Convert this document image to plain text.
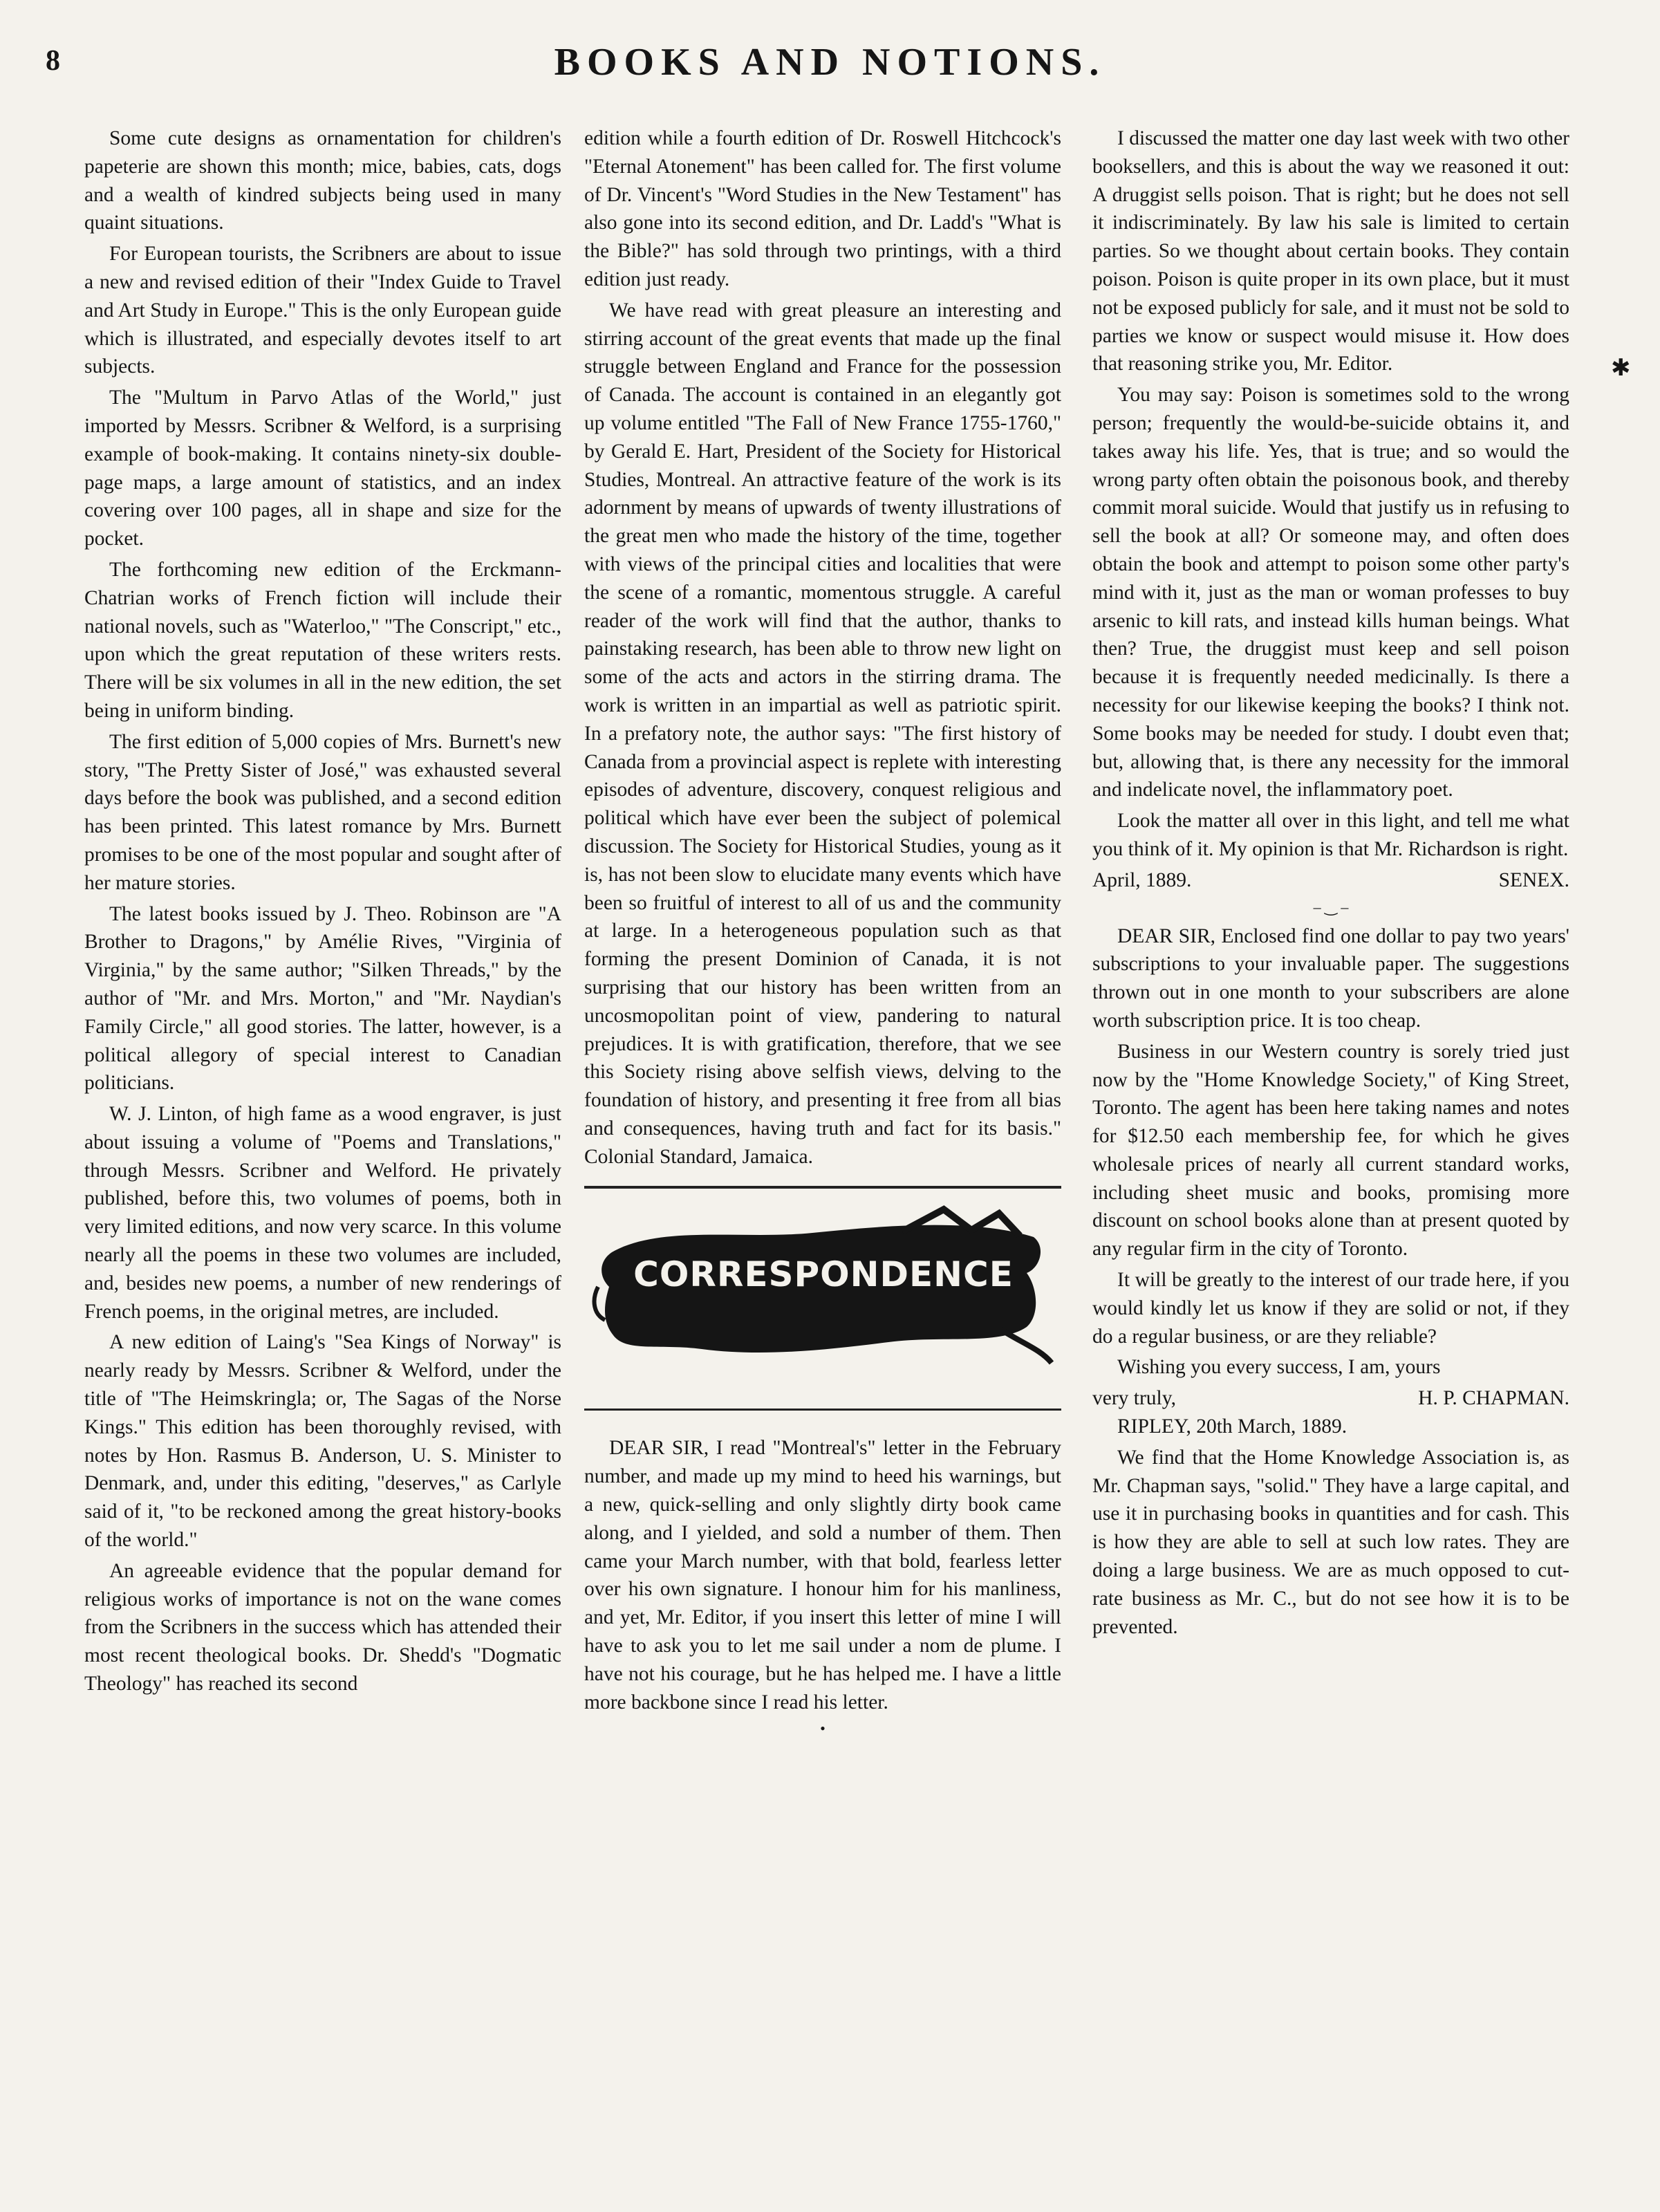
8	BOOKS AND NOTIONS.
✱

Some cute designs as ornamentation for children's papeterie are shown this month; mice, babies, cats, dogs and a wealth of kindred subjects being used in many quaint situations.

For European tourists, the Scribners are about to issue a new and revised edition of their "Index Guide to Travel and Art Study in Europe." This is the only European guide which is illustrated, and especially devotes itself to art subjects.

The "Multum in Parvo Atlas of the World," just imported by Messrs. Scribner & Welford, is a surprising example of book-making. It contains ninety-six double-page maps, a large amount of statistics, and an index covering over 100 pages, all in shape and size for the pocket.

The forthcoming new edition of the Erckmann-Chatrian works of French fiction will include their national novels, such as "Waterloo," "The Conscript," etc., upon which the great reputation of these writers rests. There will be six volumes in all in the new edition, the set being in uniform binding.

The first edition of 5,000 copies of Mrs. Burnett's new story, "The Pretty Sister of José," was exhausted several days before the book was published, and a second edition has been printed. This latest romance by Mrs. Burnett promises to be one of the most popular and sought after of her mature stories.

The latest books issued by J. Theo. Robinson are "A Brother to Dragons," by Amélie Rives, "Virginia of Virginia," by the same author; "Silken Threads," by the author of "Mr. and Mrs. Morton," and "Mr. Naydian's Family Circle," all good stories. The latter, however, is a political allegory of special interest to Canadian politicians.

W. J. Linton, of high fame as a wood engraver, is just about issuing a volume of "Poems and Translations," through Messrs. Scribner and Welford. He privately published, before this, two volumes of poems, both in very limited editions, and now very scarce. In this volume nearly all the poems in these two volumes are included, and, besides new poems, a number of new renderings of French poems, in the original metres, are included.

A new edition of Laing's "Sea Kings of Norway" is nearly ready by Messrs. Scribner & Welford, under the title of "The Heimskringla; or, The Sagas of the Norse Kings." This edition has been thoroughly revised, with notes by Hon. Rasmus B. Anderson, U. S. Minister to Denmark, and, under this editing, "deserves," as Carlyle said of it, "to be reckoned among the great history-books of the world."

An agreeable evidence that the popular demand for religious works of importance is not on the wane comes from the Scribners in the success which has attended their most recent theological books. Dr. Shedd's "Dogmatic Theology" has reached its second

edition while a fourth edition of Dr. Roswell Hitchcock's "Eternal Atonement" has been called for. The first volume of Dr. Vincent's "Word Studies in the New Testament" has also gone into its second edition, and Dr. Ladd's "What is the Bible?" has sold through two printings, with a third edition just ready.

We have read with great pleasure an interesting and stirring account of the great events that made up the final struggle between England and France for the possession of Canada. The account is contained in an elegantly got up volume entitled "The Fall of New France 1755-1760," by Gerald E. Hart, President of the Society for Historical Studies, Montreal. An attractive feature of the work is its adornment by means of upwards of twenty illustrations of the great men who made the history of the time, together with views of the principal cities and localities that were the scene of a romantic, momentous struggle. A careful reader of the work will find that the author, thanks to painstaking research, has been able to throw new light on some of the acts and actors in the stirring drama. The work is written in an impartial as well as patriotic spirit. In a prefatory note, the author says: "The first history of Canada from a provincial aspect is replete with interesting episodes of adventure, discovery, conquest religious and political which have ever been the subject of polemical discussion. The Society for Historical Studies, young as it is, has not been slow to elucidate many events which have been so fruitful of interest to all of us and the community at large. In a heterogeneous population such as that forming the present Dominion of Canada, it is not surprising that our history has been written from an uncosmopolitan point of view, pandering to natural prejudices. It is with gratification, therefore, that we see this Society rising above selfish views, delving to the foundation of history, and presenting it free from all bias and consequences, having truth and fact for its basis." Colonial Standard, Jamaica.

CORRESPONDENCE

DEAR SIR, I read "Montreal's" letter in the February number, and made up my mind to heed his warnings, but a new, quick-selling and only slightly dirty book came along, and I yielded, and sold a number of them. Then came your March number, with that bold, fearless letter over his own signature. I honour him for his manliness, and yet, Mr. Editor, if you insert this letter of mine I will have to ask you to let me sail under a nom de plume. I have not his courage, but he has helped me. I have a little more backbone since I read his letter.

•

I discussed the matter one day last week with two other booksellers, and this is about the way we reasoned it out: A druggist sells poison. That is right; but he does not sell it indiscriminately. By law his sale is limited to certain parties. So we thought about certain books. They contain poison. Poison is quite proper in its own place, but it must not be exposed publicly for sale, and it must not be sold to parties we know or suspect would misuse it. How does that reasoning strike you, Mr. Editor.

You may say: Poison is sometimes sold to the wrong person; frequently the would-be-suicide obtains it, and takes away his life. Yes, that is true; and so would the wrong party often obtain the poisonous book, and thereby commit moral suicide. Would that justify us in refusing to sell the book at all? Or someone may, and often does obtain the book and attempt to poison some other party's mind with it, just as the man or woman professes to buy arsenic to kill rats, and instead kills human beings. What then? True, the druggist must keep and sell poison because it is frequently needed medicinally. Is there a necessity for our likewise keeping the books? I think not. Some books may be needed for study. I doubt even that; but, allowing that, is there any necessity for the immoral and indelicate novel, the inflammatory poet.

Look the matter all over in this light, and tell me what you think of it. My opinion is that Mr. Richardson is right.

April, 1889.	SENEX.
– ‿ –

DEAR SIR, Enclosed find one dollar to pay two years' subscriptions to your invaluable paper. The suggestions thrown out in one month to your subscribers are alone worth subscription price. It is too cheap.

Business in our Western country is sorely tried just now by the "Home Knowledge Society," of King Street, Toronto. The agent has been here taking names and notes for $12.50 each membership fee, for which he gives wholesale prices of nearly all current standard works, including sheet music and books, promising more discount on school books alone than at present quoted by any regular firm in the city of Toronto.

It will be greatly to the interest of our trade here, if you would kindly let us know if they are solid or not, if they do a regular business, or are they reliable?

Wishing you every success, I am, yours

very truly,	H. P. CHAPMAN.

RIPLEY, 20th March, 1889.

We find that the Home Knowledge Association is, as Mr. Chapman says, "solid." They have a large capital, and use it in purchasing books in quantities and for cash. This is how they are able to sell at such low rates. They are doing a large business. We are as much opposed to cut-rate business as Mr. C., but do not see how it is to be prevented.
